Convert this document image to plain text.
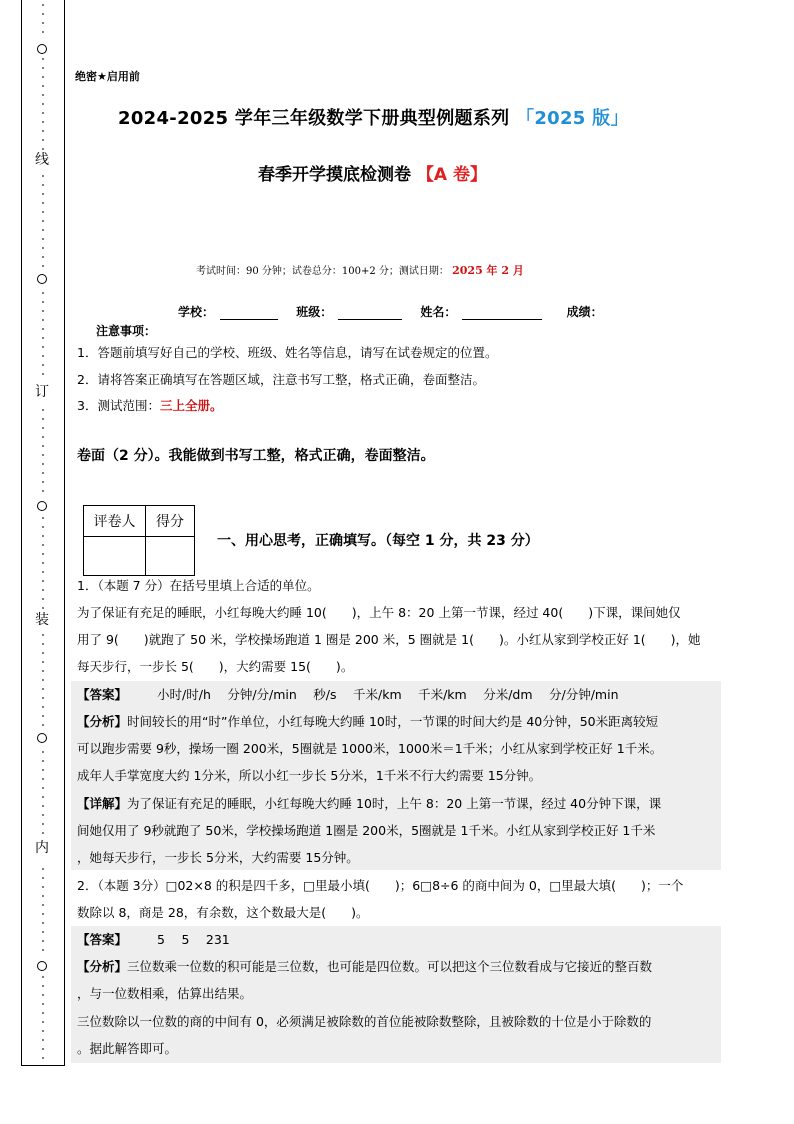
线
订
装
内
绝密★启用前
2024-2025 学年三年级数学下册典型例题系列 「2025 版」
春季开学摸底检测卷 【A 卷】
考试时间：90 分钟；试卷总分：100+2 分；测试日期： 2025 年 2 月
学校：	班级：	姓名：	成绩：
注意事项：
1．答题前填写好自己的学校、班级、姓名等信息，请写在试卷规定的位置。
2．请将答案正确填写在答题区域，注意书写工整，格式正确，卷面整洁。
3．测试范围：三上全册。
卷面（2 分）。我能做到书写工整，格式正确，卷面整洁。
评卷人	得分

一、用心思考，正确填写。（每空 1 分，共 23 分）
1．（本题 7 分）在括号里填上合适的单位。
为了保证有充足的睡眠，小红每晚大约睡 10(　　)，上午 8：20 上第一节课，经过 40(　　)下课，课间她仅
用了 9(　　)就跑了 50 米，学校操场跑道 1 圈是 200 米，5 圈就是 1(　　)。小红从家到学校正好 1(　　)，她
每天步行，一步长 5(　　)，大约需要 15(　　)。
【答案】 小时/时/h　 分钟/分/min　 秒/s　 千米/km　 千米/km　 分米/dm　 分/分钟/min
【分析】时间较长的用“时”作单位，小红每晚大约睡 10时，一节课的时间大约是 40分钟，50米距离较短
可以跑步需要 9秒，操场一圈 200米，5圈就是 1000米，1000米＝1千米；小红从家到学校正好 1千米。
成年人手掌宽度大约 1分米，所以小红一步长 5分米，1千米不行大约需要 15分钟。
【详解】为了保证有充足的睡眠，小红每晚大约睡 10时，上午 8：20 上第一节课，经过 40分钟下课，课
间她仅用了 9秒就跑了 50米，学校操场跑道 1圈是 200米，5圈就是 1千米。小红从家到学校正好 1千米
，她每天步行，一步长 5分米，大约需要 15分钟。
2．（本题 3分）□02×8 的积是四千多，□里最小填(　　)；6□8÷6 的商中间为 0，□里最大填(　　)；一个
数除以 8，商是 28，有余数，这个数最大是(　　)。
【答案】 5　 5　 231
【分析】三位数乘一位数的积可能是三位数，也可能是四位数。可以把这个三位数看成与它接近的整百数
，与一位数相乘，估算出结果。
三位数除以一位数的商的中间有 0，必须满足被除数的首位能被除数整除，且被除数的十位是小于除数的
。据此解答即可。
